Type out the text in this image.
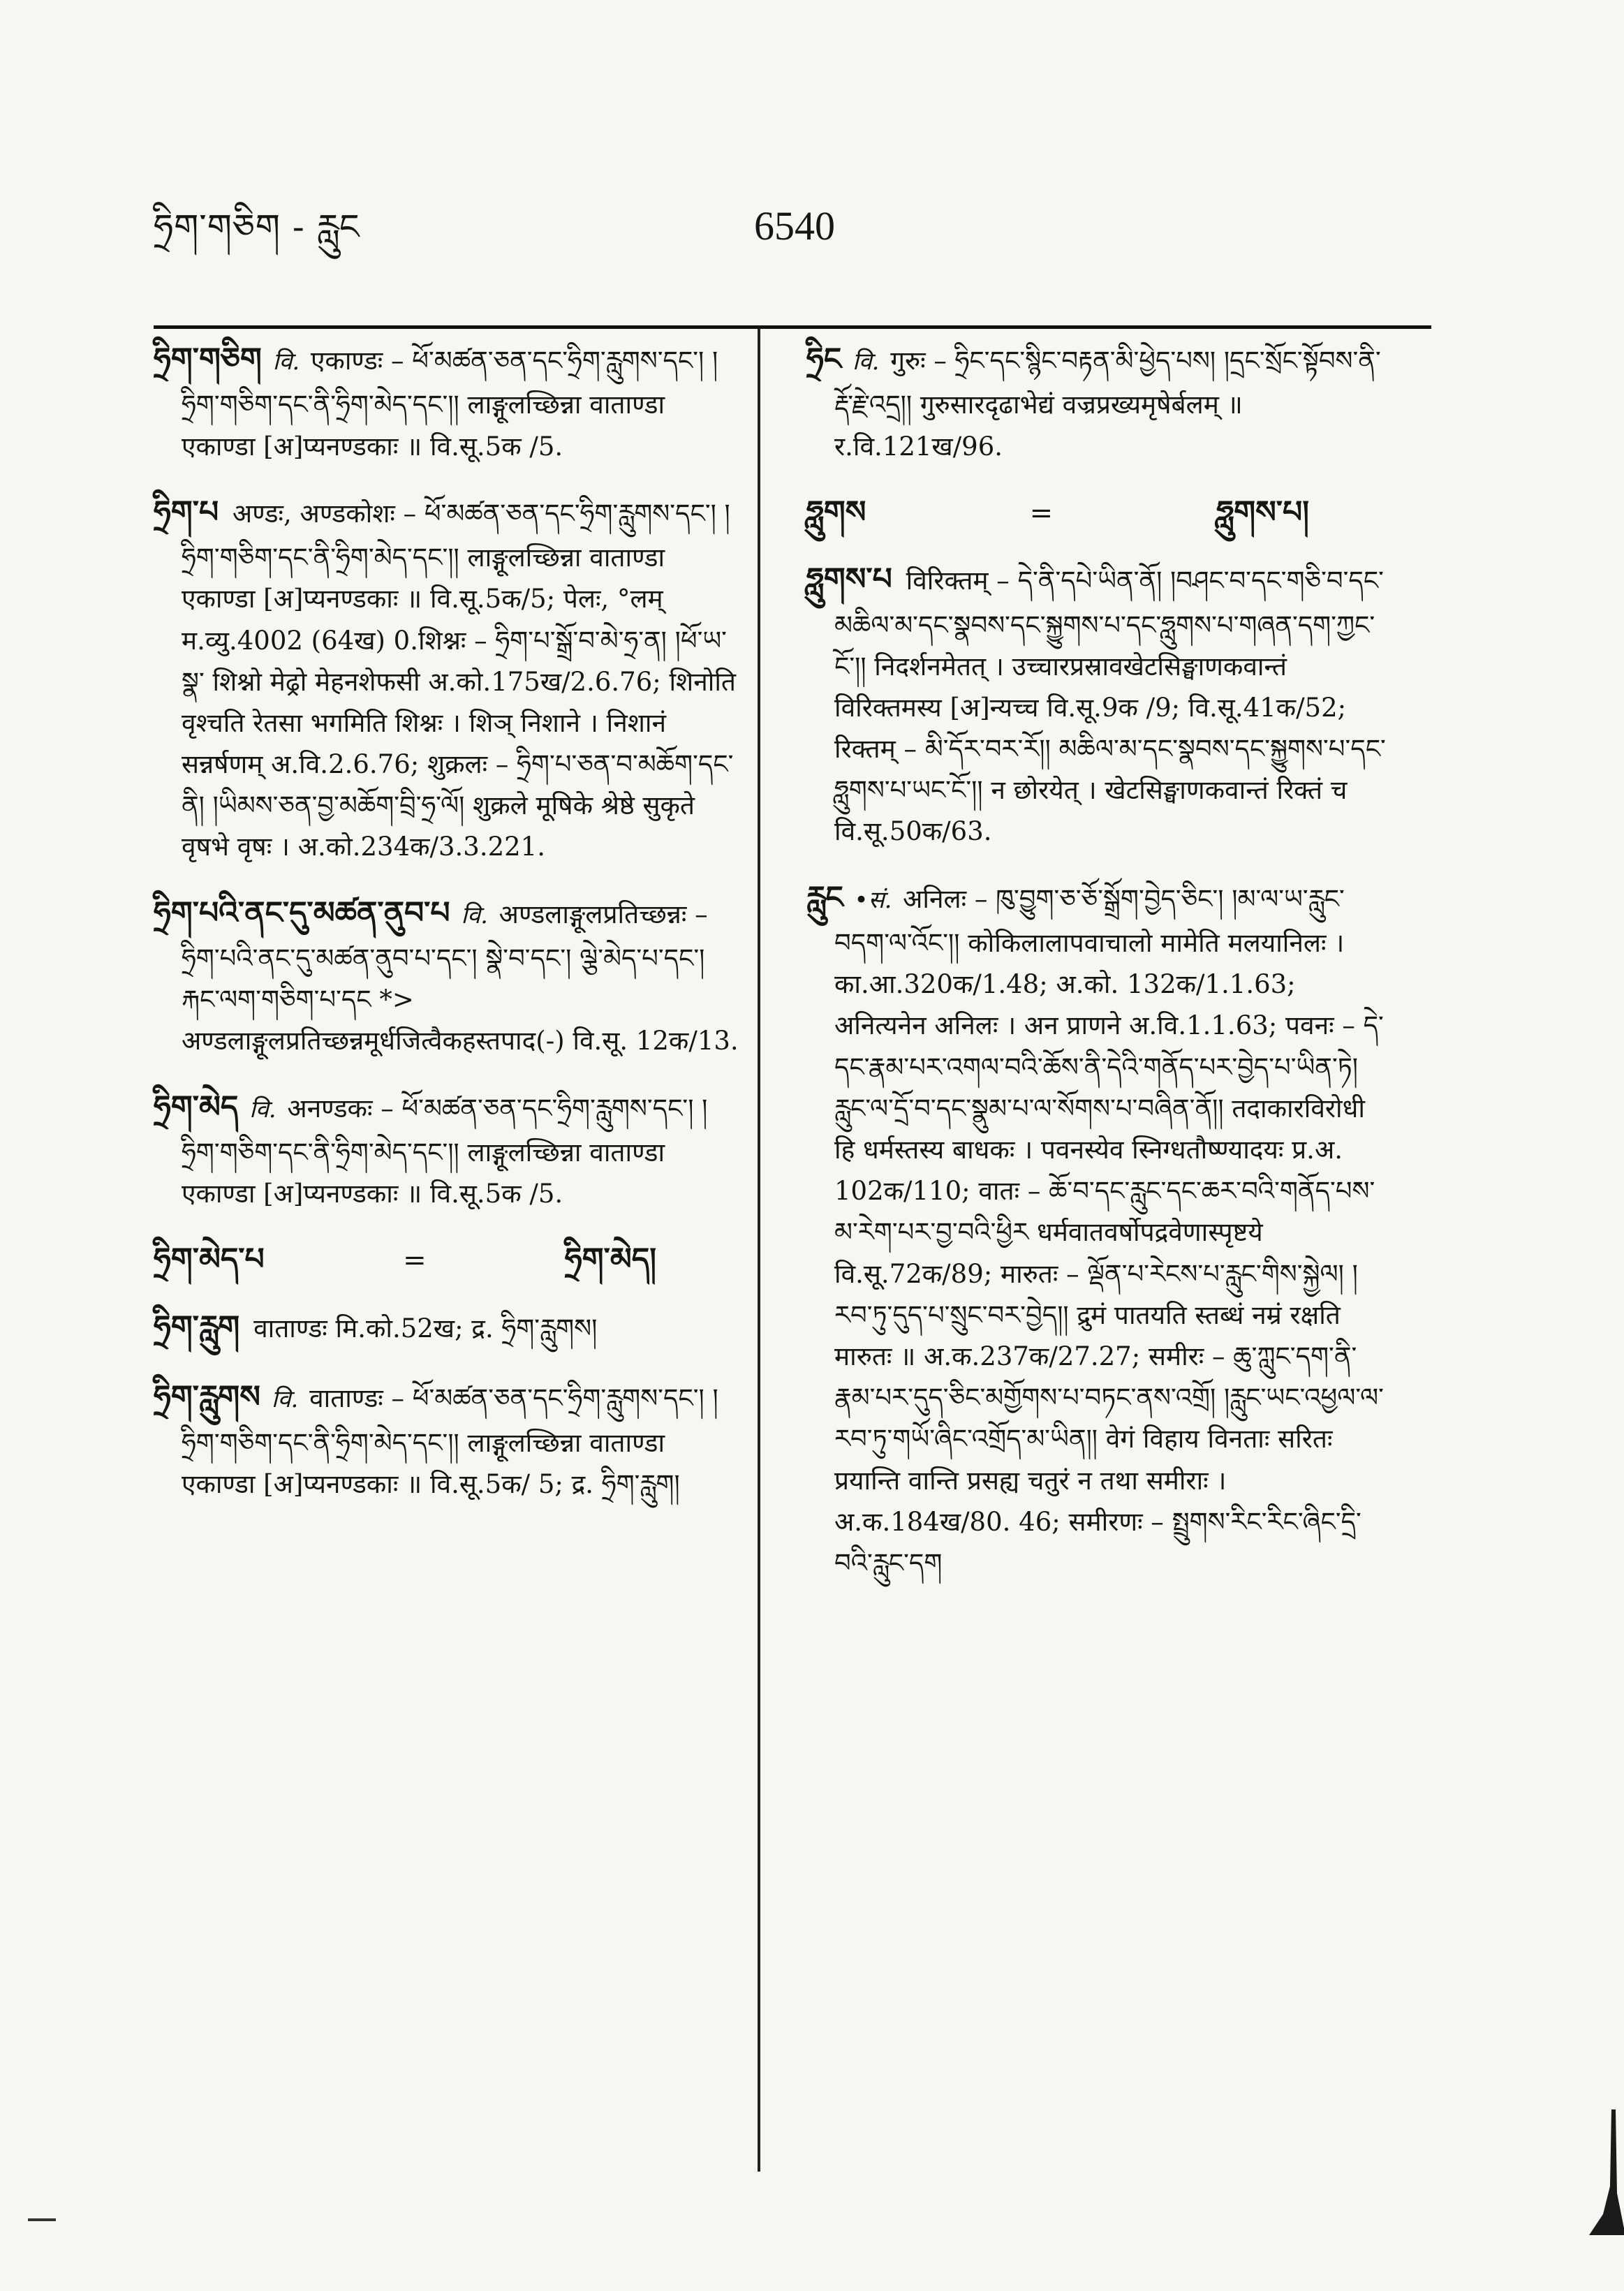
ཧྲིག་གཅིག - རླུང	6540

ཧྲིག་གཅིག वि. एकाण्डः – ཕོ་མཚན་ཅན་དང་ཧྲིག་རླུགས་དང་། །ཧྲིག་གཅིག་དང་ནི་ཧྲིག་མེད་དང་།། लाङ्गूलच्छिन्ना वाताण्डा एकाण्डा [अ]प्यनण्डकाः ॥ वि.सू.5क /5.

ཧྲིག་པ अण्डः, अण्डकोशः – ཕོ་མཚན་ཅན་དང་ཧྲིག་རླུགས་དང་། །ཧྲིག་གཅིག་དང་ནི་ཧྲིག་མེད་དང་།། लाङ्गूलच्छिन्ना वाताण्डा एकाण्डा [अ]प्यनण्डकाः ॥ वि.सू.5क/5; पेलः, °लम् म.व्यु.4002 (64ख) 0.शिश्नः – ཧྲིག་པ་སྒྲོ་བ་མེ་ཧྲ་ན། །ཕོ་ཡ་སྣ་ शिश्नो मेढ्रो मेहनशेफसी अ.को.175ख/2.6.76; शिनोति वृश्चति रेतसा भगमिति शिश्नः । शिञ् निशाने । निशानं सन्नर्षणम् अ.वि.2.6.76; शुक्रलः – ཧྲིག་པ་ཅན་བ་མཆོག་དང་ནི། །ཡིམས་ཅན་བྱ་མཆོག་བྲི་ཧྲ་ལོ། शुक्रले मूषिके श्रेष्ठे सुकृते वृषभे वृषः । अ.को.234क/3.3.221.

ཧྲིག་པའི་ནང་དུ་མཚན་ནུབ་པ वि. अण्डलाङ्गूलप्रतिच्छन्नः – ཧྲིག་པའི་ནང་དུ་མཚན་ནུབ་པ་དང་། སྣེ་བ་དང་། ལྕེ་མེད་པ་དང་། རྐང་ལག་གཅིག་པ་དང *> अण्डलाङ्गूलप्रतिच्छन्नमूर्धजित्वैकहस्तपाद(-) वि.सू. 12क/13.

ཧྲིག་མེད वि. अनण्डकः – ཕོ་མཚན་ཅན་དང་ཧྲིག་རླུགས་དང་། །ཧྲིག་གཅིག་དང་ནི་ཧྲིག་མེད་དང་།། लाङ्गूलच्छिन्ना वाताण्डा एकाण्डा [अ]प्यनण्डकाः ॥ वि.सू.5क /5.

ཧྲིག་མེད་པ	=	ཧྲིག་མེད།

ཧྲིག་རླུག वाताण्डः मि.को.52ख; द्र. ཧྲིག་རླུགས།

ཧྲིག་རླུགས वि. वाताण्डः – ཕོ་མཚན་ཅན་དང་ཧྲིག་རླུགས་དང་། །ཧྲིག་གཅིག་དང་ནི་ཧྲིག་མེད་དང་།། लाङ्गूलच्छिन्ना वाताण्डा एकाण्डा [अ]प्यनण्डकाः ॥ वि.सू.5क/ 5; द्र. ཧྲིག་རླུག།

ཧྲིང वि. गुरुः – ཧྲིང་དང་སྙིང་བརྟན་མི་ཕྱེད་པས། །དྲང་སྲོང་སྟོབས་ནི་རྡོ་རྗེ་འདྲ།། गुरुसारदृढाभेद्यं वज्रप्रख्यमृषेर्बलम् ॥ र.वि.121ख/96.

ཧླུགས	=	ཧླུགས་པ།

ཧླུགས་པ विरिक्तम् – དེ་ནི་དཔེ་ཡིན་ནོ། །བཤང་བ་དང་གཅི་བ་དང་མཆིལ་མ་དང་སྣབས་དང་སྐྱུགས་པ་དང་ཧླུགས་པ་གཞན་དག་ཀྱང་ངོ་།། निदर्शनमेतत् । उच्चारप्रस्रावखेटसिङ्घाणकवान्तं विरिक्तमस्य [अ]न्यच्च वि.सू.9क /9; वि.सू.41क/52; रिक्तम् – མི་དོར་བར་རོ།། མཆིལ་མ་དང་སྣབས་དང་སྐྱུགས་པ་དང་ཧླུགས་པ་ཡང་ངོ་།། न छोरयेत् । खेटसिङ्घाणकवान्तं रिक्तं च वि.सू.50क/63.

རླུང •सं. अनिलः – ཁུ་བྱུག་ཅ་ཅོ་སྒྲོག་བྱེད་ཅིང་། །མ་ལ་ཡ་རླུང་བདག་ལ་འོང་།། कोकिलालापवाचालो मामेति मलयानिलः । का.आ.320क/1.48; अ.को. 132क/1.1.63; अनित्यनेन अनिलः । अन प्राणने अ.वि.1.1.63; पवनः – དེ་དང་རྣམ་པར་འགལ་བའི་ཆོས་ནི་དེའི་གནོད་པར་བྱེད་པ་ཡིན་ཏེ། རླུང་ལ་དྲོ་བ་དང་སྣུམ་པ་ལ་སོགས་པ་བཞིན་ནོ།། तदाकारविरोधी हि धर्मस्तस्य बाधकः । पवनस्येव स्निग्धतौष्ण्यादयः प्र.अ. 102क/110; वातः – ཆོ་བ་དང་རླུང་དང་ཆར་བའི་གནོད་པས་མ་རེག་པར་བྱ་བའི་ཕྱིར धर्मवातवर्षोपद्रवेणास्पृष्टये वि.सू.72क/89; मारुतः – ལྡོན་པ་རེངས་པ་རླུང་གིས་སྐྱེལ། །རབ་ཏུ་དུད་པ་སྲུང་བར་བྱེད།། द्रुमं पातयति स्तब्धं नम्रं रक्षति मारुतः ॥ अ.क.237क/27.27; समीरः – ཆུ་ཀླུང་དག་ནི་རྣམ་པར་དུད་ཅིང་མགྱོགས་པ་བཏང་ནས་འགྲོ། །རླུང་ཡང་འཕྱལ་ལ་རབ་ཏུ་གཡོ་ཞིང་འགྲོད་མ་ཡིན།། वेगं विहाय विनताः सरितः प्रयान्ति वान्ति प्रसह्य चतुरं न तथा समीराः । अ.क.184ख/80. 46; समीरणः – སྤྲུགས་རིང་རིང་ཞིང་དྲི་བའི་རླུང་དག
